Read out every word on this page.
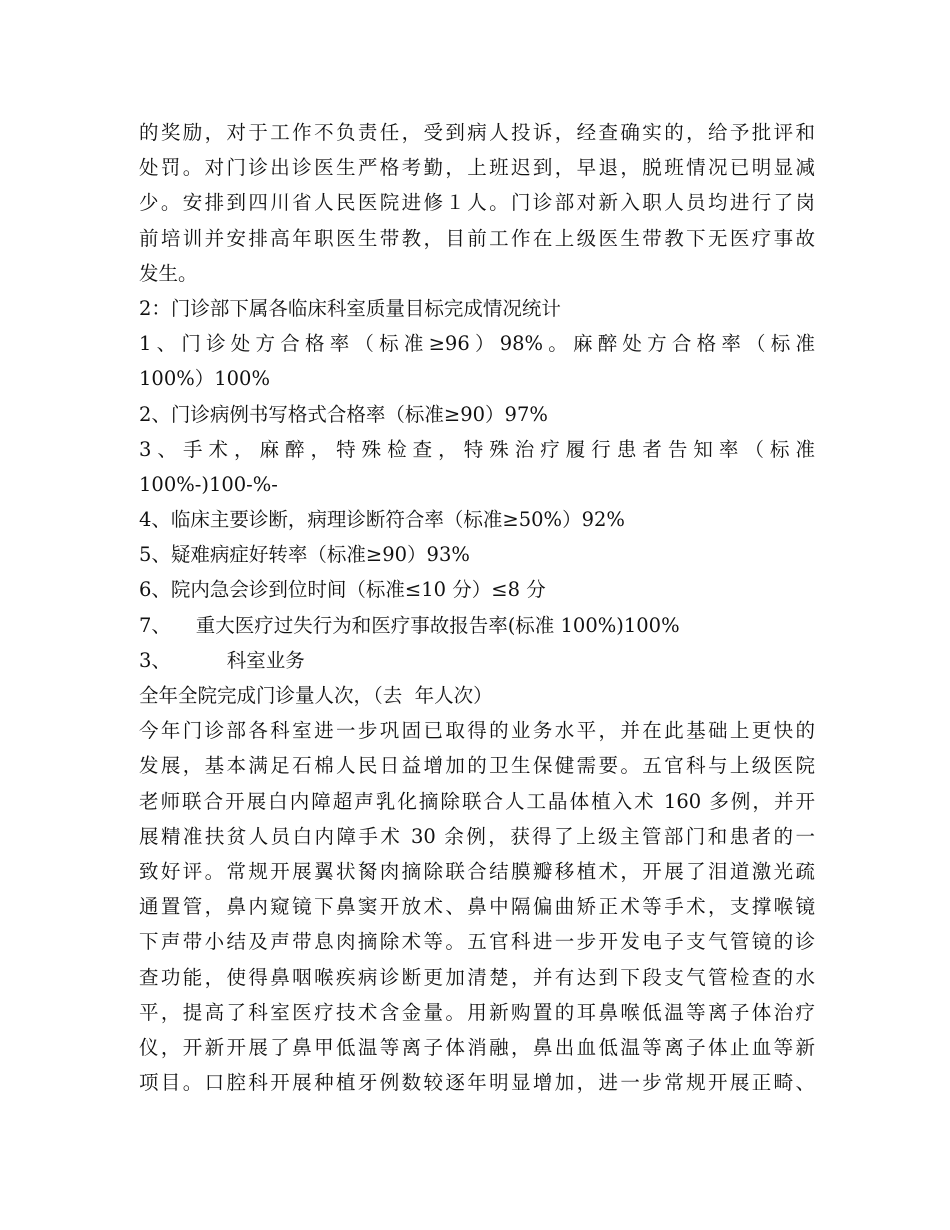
的奖励，对于工作不负责任，受到病人投诉，经查确实的，给予批评和
处罚。对门诊出诊医生严格考勤，上班迟到，早退，脱班情况已明显减
少。安排到四川省人民医院进修１人。门诊部对新入职人员均进行了岗
前培训并安排高年职医生带教，目前工作在上级医生带教下无医疗事故
发生。
2：门诊部下属各临床科室质量目标完成情况统计
1、门诊处方合格率（标准≥96）98%。麻醉处方合格率（标准
100%）100%
2、门诊病例书写格式合格率（标准≥90）97%
3、手术，麻醉，特殊检查，特殊治疗履行患者告知率（标准
100%-)100-%-
4、临床主要诊断，病理诊断符合率（标准≥50%）92%
5、疑难病症好转率（标准≥90）93%
6、院内急会诊到位时间（标准≤10 分）≤8 分
7、    重大医疗过失行为和医疗事故报告率(标准 100%)100%
3、         科室业务
全年全院完成门诊量人次，（去  年人次）
今年门诊部各科室进一步巩固已取得的业务水平，并在此基础上更快的
发展，基本满足石棉人民日益增加的卫生保健需要。五官科与上级医院
老师联合开展白内障超声乳化摘除联合人工晶体植入术 160 多例，并开
展精准扶贫人员白内障手术 30 余例，获得了上级主管部门和患者的一
致好评。常规开展翼状胬肉摘除联合结膜瓣移植术，开展了泪道激光疏
通置管，鼻内窥镜下鼻窦开放术、鼻中隔偏曲矫正术等手术，支撑喉镜
下声带小结及声带息肉摘除术等。五官科进一步开发电子支气管镜的诊
查功能，使得鼻咽喉疾病诊断更加清楚，并有达到下段支气管检查的水
平，提高了科室医疗技术含金量。用新购置的耳鼻喉低温等离子体治疗
仪，开新开展了鼻甲低温等离子体消融，鼻出血低温等离子体止血等新
项目。口腔科开展种植牙例数较逐年明显增加，进一步常规开展正畸、
